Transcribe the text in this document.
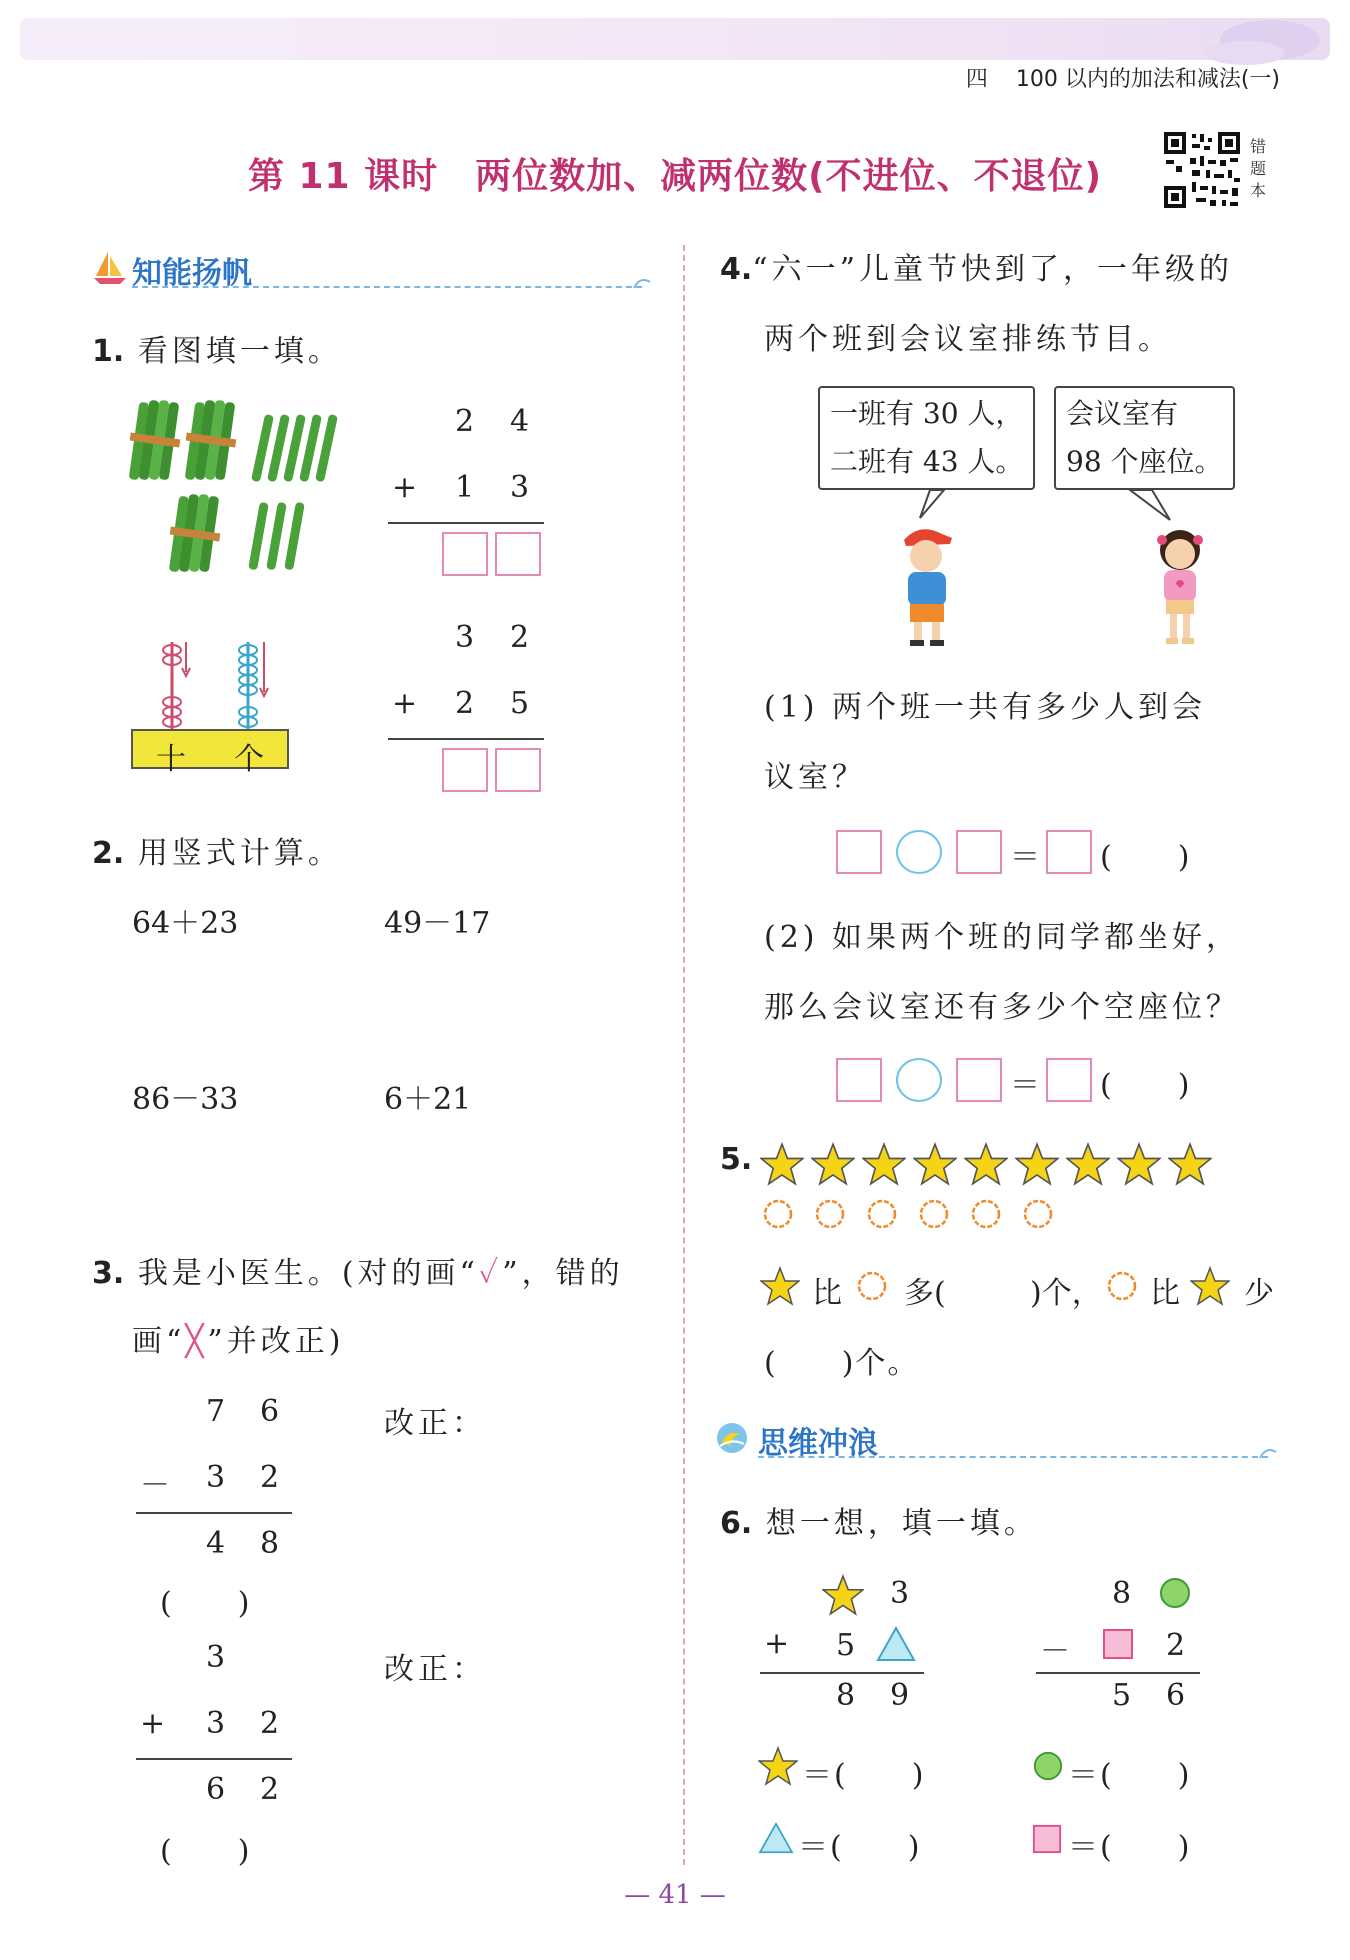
四 100 以内的加法和减法(一)
第 11 课时　两位数加、减两位数(不进位、不退位)
错
题
本
知能扬帆
1. 看图填一填。
2 4
+ 1 3
十 个
3 2
+ 2 5
2. 用竖式计算。
64＋23	49－17
86－33	6＋21
3. 我是小医生。(对的画“✓”，错的
画“╳”并改正)
7 6
－ 3 2
4 8
(　　)
改正：
3
+ 3 2
6 2
(　　)
改正：
4.“六一”儿童节快到了，一年级的
两个班到会议室排练节目。
一班有 30 人，
二班有 43 人。
会议室有
98 个座位。
(1) 两个班一共有多少人到会
议室？
＝ (　　)
(2) 如果两个班的同学都坐好，
那么会议室还有多少个空座位？
＝ (　　)
5.
比 多(	)个， 比 少
(　　)个。
思维冲浪
6. 想一想，填一填。
3
+ 5
8 9
8
－	2
5 6
＝(　　)	＝(　　)
＝(　　)	＝(　　)
— 41 —
